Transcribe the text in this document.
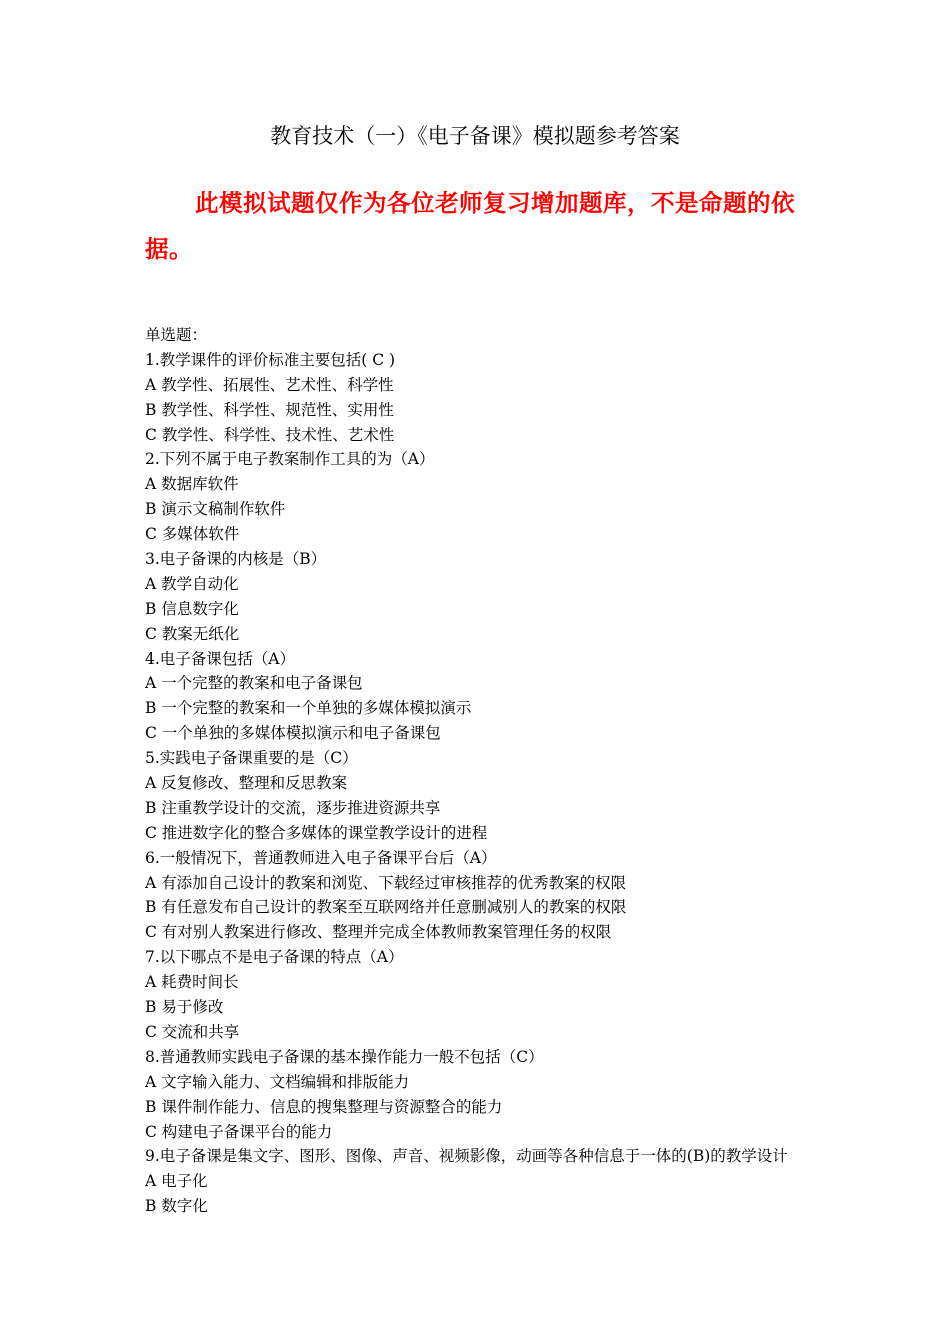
教育技术（一）《电子备课》模拟题参考答案
此模拟试题仅作为各位老师复习增加题库，不是命题的依据。
单选题：
1.教学课件的评价标准主要包括( C )
A 教学性、拓展性、艺术性、科学性
B 教学性、科学性、规范性、实用性
C 教学性、科学性、技术性、艺术性
2.下列不属于电子教案制作工具的为（A）
A 数据库软件
B 演示文稿制作软件
C 多媒体软件
3.电子备课的内核是（B）
A 教学自动化
B 信息数字化
C 教案无纸化
4.电子备课包括（A）
A 一个完整的教案和电子备课包
B 一个完整的教案和一个单独的多媒体模拟演示
C 一个单独的多媒体模拟演示和电子备课包
5.实践电子备课重要的是（C）
A 反复修改、整理和反思教案
B 注重教学设计的交流，逐步推进资源共享
C 推进数字化的整合多媒体的课堂教学设计的进程
6.一般情况下，普通教师进入电子备课平台后（A）
A 有添加自己设计的教案和浏览、下载经过审核推荐的优秀教案的权限
B 有任意发布自己设计的教案至互联网络并任意删减别人的教案的权限
C 有对别人教案进行修改、整理并完成全体教师教案管理任务的权限
7.以下哪点不是电子备课的特点（A）
A 耗费时间长
B 易于修改
C 交流和共享
8.普通教师实践电子备课的基本操作能力一般不包括（C）
A 文字输入能力、文档编辑和排版能力
B 课件制作能力、信息的搜集整理与资源整合的能力
C 构建电子备课平台的能力
9.电子备课是集文字、图形、图像、声音、视频影像，动画等各种信息于一体的(B)的教学设计
A 电子化
B 数字化
